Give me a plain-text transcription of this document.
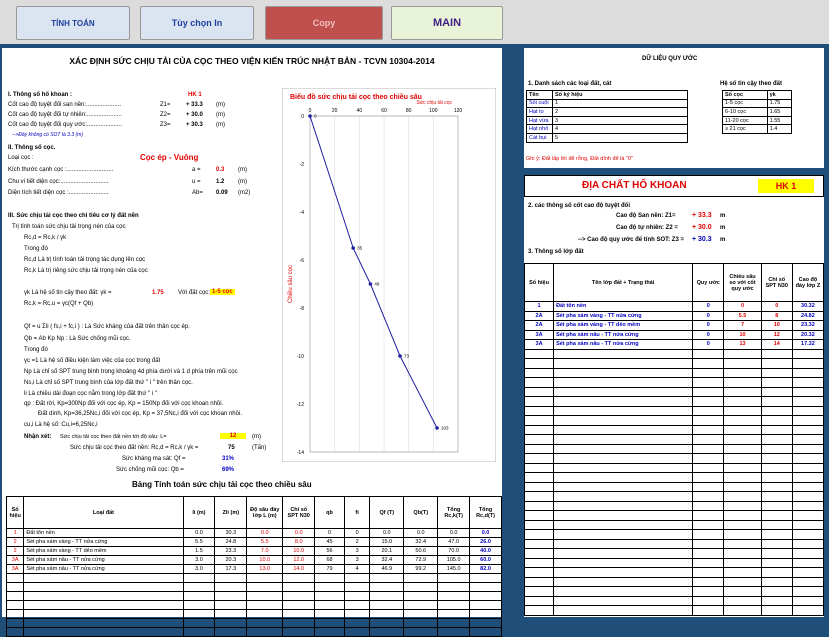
TÍNH TOÁN	Tùy chọn In	Copy	MAIN
XÁC ĐỊNH SỨC CHỊU TẢI CỦA CỌC THEO VIỆN KIẾN TRÚC NHẬT BẢN - TCVN 10304-2014
I. Thông số hố khoan :	HK 1
Cốt cao độ tuyệt đối san nền:.....................	Z1=	+ 33.3 (m)
Cốt cao độ tuyệt đối tự nhiên:.....................	Z2=	+ 30.0 (m)
Cốt cao độ tuyệt đối quy ước:.....................	Z3=	+ 30.3 (m)
-->Đây không có SOT là 3.3 (m)
II. Thông số cọc.
Loại cọc :	Cọc ép - Vuông
Kích thước cạnh cọc :............................	a =	0.3 (m)
Chu vi tiết diện cọc:.............................	u =	1.2 (m)
Diện tích tiết diện cọc :........................	Ab= 0.09 (m2)
III. Sức chịu tải cọc theo chỉ tiêu cơ lý đất nền
Trị tính toán sức chịu tải trọng nén của cọc
Rc,d = Rc,k / γk
Trong đó
Rc,d Là trị tính toán tải trọng tác dụng lên cọc
Rc,k Là trị riêng sức chịu tải trọng nén của cọc
γk Là hệ số tin cậy theo đất: γk =	1.75 Với đất cọc: 1-5 cọc
Rc,k = Rc,u = γc(Qf + Qb)
Qf = u Σli ( fs,i + fc,i ) : Là Sức kháng của đất trên thân cọc ép.
Qb = Ab Kp Np : Là Sức chống mũi cọc.
Trong đó
γc =1 Là hệ số điều kiện làm việc của cọc trong đất
Np Là chỉ số SPT trung bình trong khoảng 4d phía dưới và 1 d phía trên mũi cọc
Ns,i Là chỉ số SPT trung bình của lớp đất thứ " i " trên thân cọc.
li Là chiều dài đoạn cọc nằm trong lớp đất thứ " i "
qp : Đất rời, Kp=300Np đối với cọc ép, Kp = 150Np đối với cọc khoan nhồi.
Đất dính, Kp=36,25Nc,i đối với cọc ép, Kp = 37,5Nc,i đối với cọc khoan nhồi.
cu,i Là hệ số: Cu,i=6,25Nc,i
Nhận xét: Sức chịu tải cọc theo đất nền tới độ sâu: L=	12	(m)
Sức chịu tải cọc theo đất nền: Rc,d = Rc,k / γk =	75	(Tấn)
Sức kháng ma sát: Qf =	31%
Sức chống mũi cọc: Qb =	69%
Biểu đồ sức chịu tải cọc theo chiều sâu
0	20	40	60	80	100	120
0
-2
-4
-6
-8
-10
-12
-14
Chiều sâu cọc
Sức chịu tải cọc
0
35
49
73
103
Bảng Tính toán sức chịu tải cọc theo chiều sâu
Số hiệu	Loại đất	li (m)	Zli (m)	Độ sâu đáy lớp L (m)	Chỉ số SPT N30	qb	fi	Qf (T)	Qb(T)	Tổng Rc,k(T)	Tổng Rc,d(T)
1	Đất tôn nền	0.0	30.3	0.0	0.0	0	0	0.0	0.0	0.0	0.0
2	Sét pha xám vàng - TT nửa cứng	5.5	24.8	5.5	8.0	45	2	15.0	32.4	47.0	26.0
2	Sét pha xám vàng - TT dẻo mềm	1.5	23.3	7.0	10.0	56	3	20.1	50.6	70.0	40.0
3A	Sét pha xám nâu - TT nửa cứng	3.0	20.3	10.0	12.0	68	3	32.4	72.9	105.0	60.0
3A	Sét pha xám nâu - TT nửa cứng	3.0	17.3	13.0	14.0	79	4	46.9	99.2	145.0	82.0

DỮ LIỆU QUY ƯỚC
1. Danh sách các loại đất, cát
Tên	Số ký hiệu
Sỏi cuội	1
Hạt to	2
Hạt vừa	3
Hạt nhỏ	4
Cát bụi	5
Hệ số tin cậy theo đất
Số cọc	γk
1-5 cọc	1.75
6-10 cọc	1.65
11-20 cọc	1.55
≥ 21 cọc	1.4
Ghi ý: Đất lấp thì để rỗng, Đất dính để là "0"
ĐỊA CHẤT HỐ KHOAN	HK 1
2. các thông số cốt cao độ tuyệt đối
Cao độ San nền: Z1= + 33.3 m
Cao độ tự nhiên: Z2 = + 30.0 m
--> Cao độ quy ước để tính SOT: Z3 = + 30.3 m
3. Thông số lớp đất
Số hiệu	Tên lớp đất + Trạng thái	Quy ước	Chiều sâu so với cốt quy ước	Chỉ số SPT N30	Cao độ đáy lớp Z
1	Đất tôn nền	0	0	0	30.32
2A	Sét pha xám vàng - TT nửa cứng	0	5.5	8	24.82
2A	Sét pha xám vàng - TT dẻo mềm	0	7	10	23.32
3A	Sét pha xám nâu - TT nửa cứng	0	10	12	20.32
3A	Sét pha xám nâu - TT nửa cứng	0	13	14	17.32
